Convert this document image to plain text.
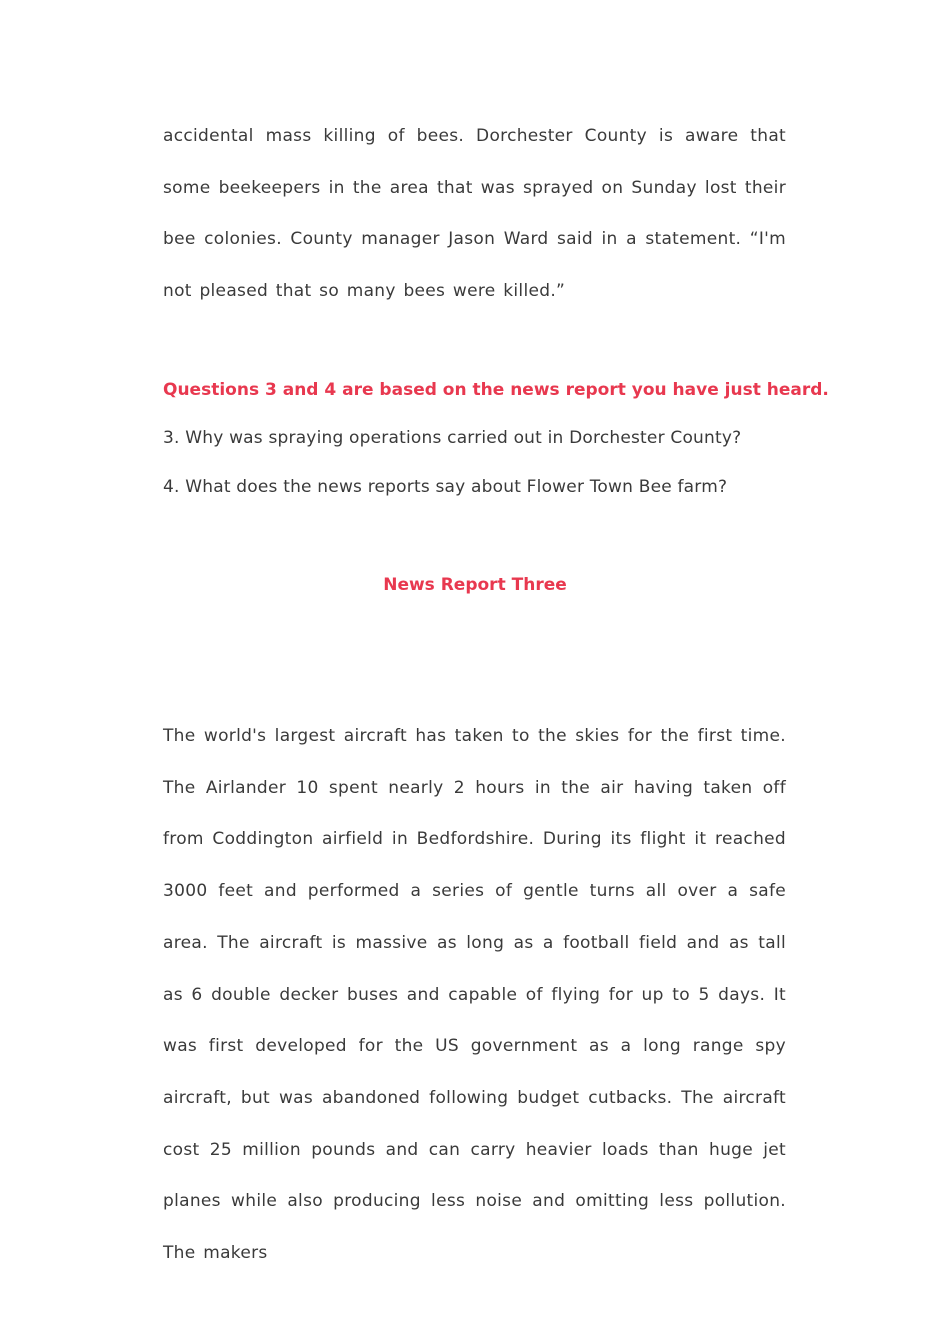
accidental mass killing of bees. Dorchester County is aware that some beekeepers in the area that was sprayed on Sunday lost their bee colonies. County manager Jason Ward said in a statement. “I'm not pleased that so many bees were killed.”

Questions 3 and 4 are based on the news report you have just heard.

3. Why was spraying operations carried out in Dorchester County?

4. What does the news reports say about Flower Town Bee farm?

News Report Three

The world's largest aircraft has taken to the skies for the first time. The Airlander 10 spent nearly 2 hours in the air having taken off from Coddington airfield in Bedfordshire. During its flight it reached 3000 feet and performed a series of gentle turns all over a safe area. The aircraft is massive as long as a football field and as tall as 6 double decker buses and capable of flying for up to 5 days. It was first developed for the US government as a long range spy aircraft, but was abandoned following budget cutbacks. The aircraft cost 25 million pounds and can carry heavier loads than huge jet planes while also producing less noise and omitting less pollution. The makers
